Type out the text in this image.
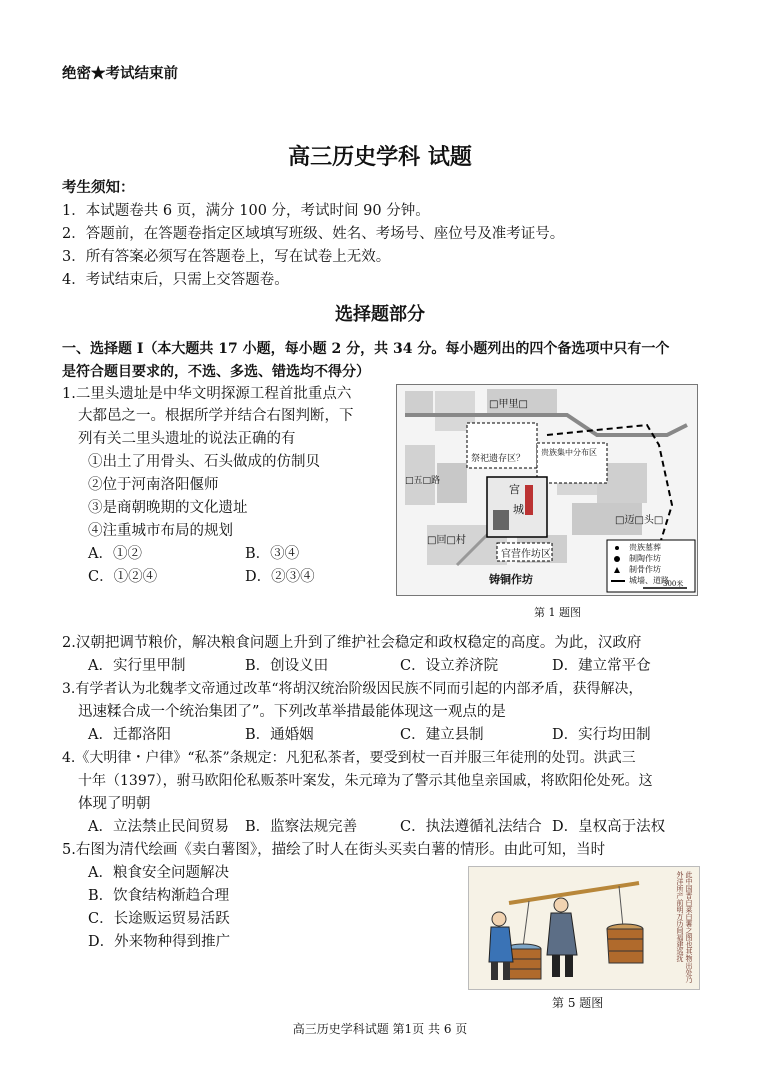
绝密★考试结束前
高三历史学科 试题
考生须知：
1．本试题卷共 6 页，满分 100 分，考试时间 90 分钟。
2．答题前，在答题卷指定区域填写班级、姓名、考场号、座位号及准考证号。
3．所有答案必须写在答题卷上，写在试卷上无效。
4．考试结束后，只需上交答题卷。
选择题部分
一、选择题 I（本大题共 17 小题，每小题 2 分，共 34 分。每小题列出的四个备选项中只有一个
是符合题目要求的，不选、多选、错选均不得分）
1.二里头遗址是中华文明探源工程首批重点六
大都邑之一。根据所学并结合右图判断，下
列有关二里头遗址的说法正确的有
①出土了用骨头、石头做成的仿制贝
②位于河南洛阳偃师
③是商朝晚期的文化遗址
④注重城市布局的规划
A．①②	B．③④
C．①②④	D．②③④
□甲里□
祭祀遗存区？
贵族集中分布区
宫
城
官营作坊区
铸铜作坊
□迈□头□
□回□村
□五□路
贵族墓葬
制陶作坊
制骨作坊
城墙、道路
300米
第 1 题图
2.汉朝把调节粮价，解决粮食问题上升到了维护社会稳定和政权稳定的高度。为此，汉政府
A．实行里甲制	B．创设义田	C．设立养济院	D．建立常平仓
3.有学者认为北魏孝文帝通过改革“将胡汉统治阶级因民族不同而引起的内部矛盾，获得解决，
迅速糅合成一个统治集团了”。下列改革举措最能体现这一观点的是
A．迁都洛阳	B．通婚姻	C．建立县制	D．实行均田制
4.《大明律・户律》“私茶”条规定：凡犯私茶者，要受到杖一百并服三年徒刑的处罚。洪武三
十年（1397），驸马欧阳伦私贩茶叶案发，朱元璋为了警示其他皇亲国戚，将欧阳伦处死。这
体现了明朝
A．立法禁止民间贸易 B．监察法规完善	C．执法遵循礼法结合 D．皇权高于法权
5.右图为清代绘画《卖白薯图》，描绘了时人在街头买卖白薯的情形。由此可知，当时
A．粮食安全问题解决
B．饮食结构渐趋合理
C．长途贩运贸易活跃
D．外来物种得到推广	此中国晋白菜白薯之图也其物出处乃外洋所产前明万历间福建巡抚
第 5 题图
高三历史学科试题 第1页 共 6 页
